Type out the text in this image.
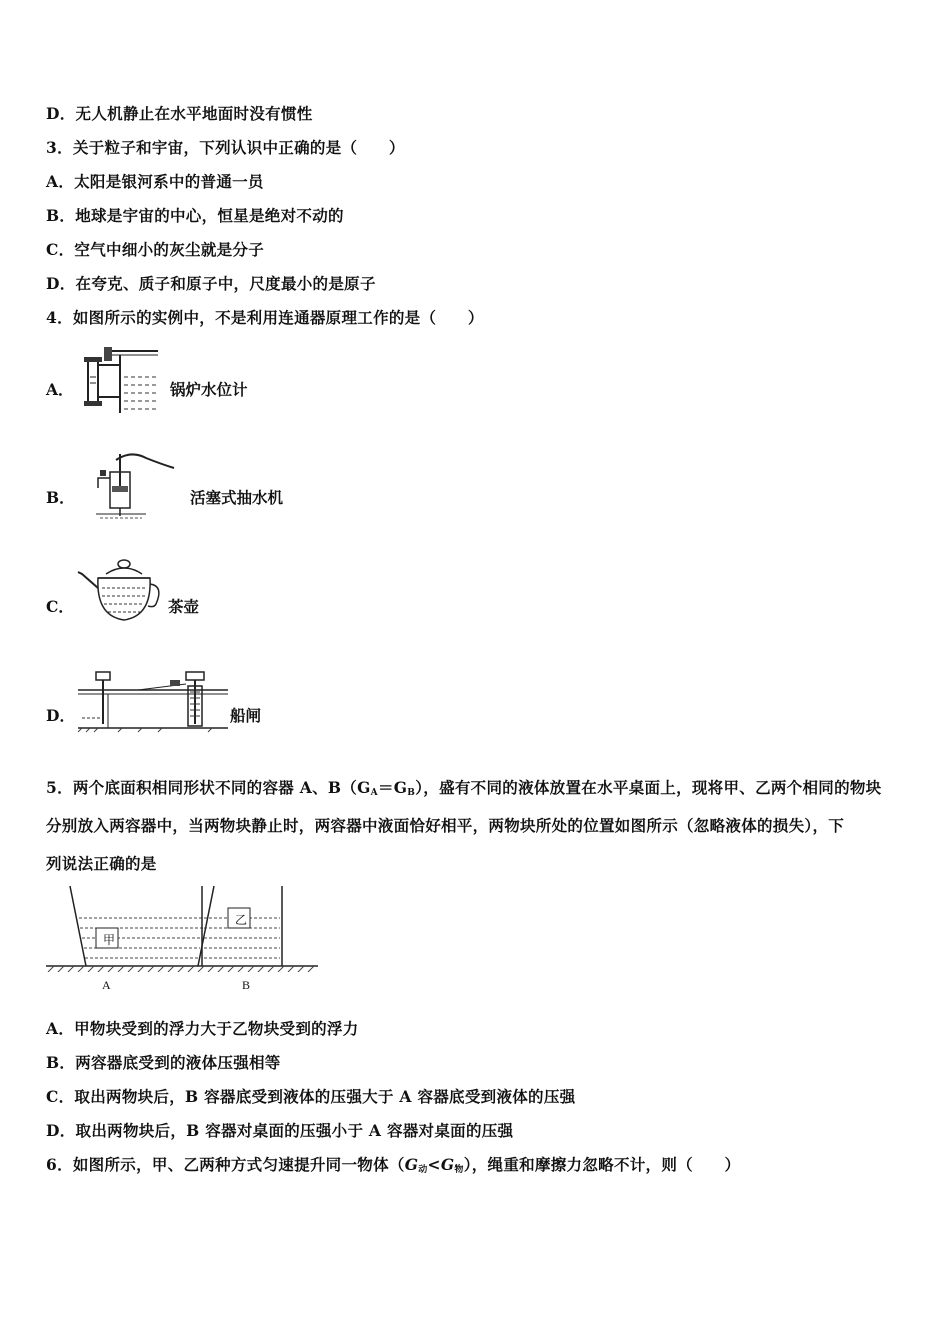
D．无人机静止在水平地面时没有惯性
3．关于粒子和宇宙，下列认识中正确的是（　　）
A．太阳是银河系中的普通一员
B．地球是宇宙的中心，恒星是绝对不动的
C．空气中细小的灰尘就是分子
D．在夸克、质子和原子中，尺度最小的是原子
4．如图所示的实例中，不是利用连通器原理工作的是（　　）
A．	锅炉水位计
B．	活塞式抽水机
C．	茶壶
D．	船闸
5．两个底面积相同形状不同的容器 A、$B(G_A=G_B)$，盛有不同的液体放置在水平桌面上，现将甲、乙两个相同的物块
分别放入两容器中，当两物块静止时，两容器中液面恰好相平，两物块所处的位置如图所示（忽略液体的损失），下
列说法正确的是
甲
乙
A	B
A．甲物块受到的浮力大于乙物块受到的浮力
B．两容器底受到的液体压强相等
C．取出两物块后，B 容器底受到液体的压强大于 A 容器底受到液体的压强
D．取出两物块后，B 容器对桌面的压强小于 A 容器对桌面的压强
6．如图所示，甲、乙两种方式匀速提升同一物体$(G_动<G_物)$，绳重和摩擦力忽略不计，则（　　）
